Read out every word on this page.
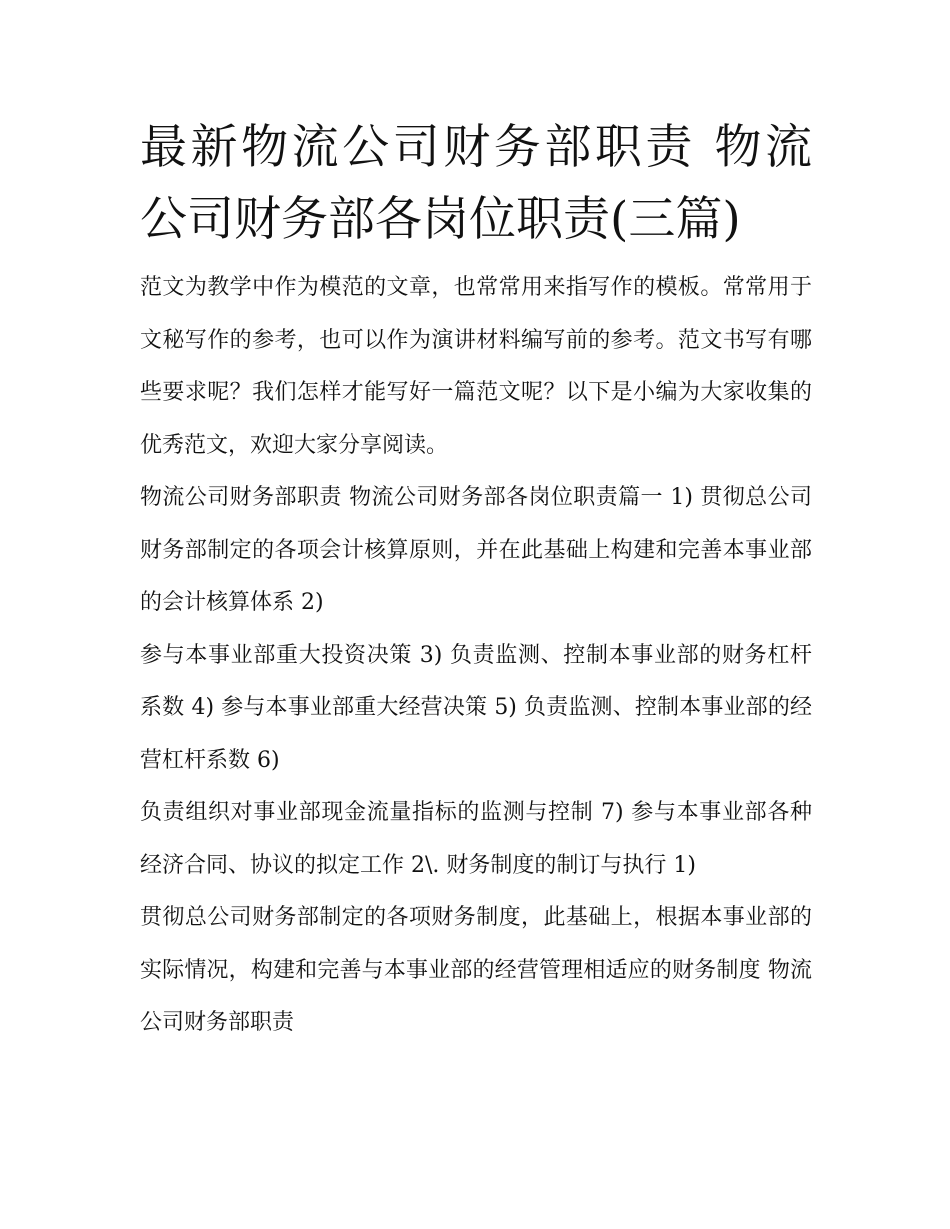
最新物流公司财务部职责 物流公司财务部各岗位职责(三篇)

范文为教学中作为模范的文章，也常常用来指写作的模板。常常用于文秘写作的参考，也可以作为演讲材料编写前的参考。范文书写有哪些要求呢？我们怎样才能写好一篇范文呢？以下是小编为大家收集的优秀范文，欢迎大家分享阅读。

物流公司财务部职责 物流公司财务部各岗位职责篇一 1) 贯彻总公司财务部制定的各项会计核算原则，并在此基础上构建和完善本事业部的会计核算体系 2)

参与本事业部重大投资决策 3) 负责监测、控制本事业部的财务杠杆系数 4) 参与本事业部重大经营决策 5) 负责监测、控制本事业部的经营杠杆系数 6)

负责组织对事业部现金流量指标的监测与控制 7) 参与本事业部各种经济合同、协议的拟定工作 2\. 财务制度的制订与执行 1)

贯彻总公司财务部制定的各项财务制度，此基础上，根据本事业部的实际情况，构建和完善与本事业部的经营管理相适应的财务制度 物流公司财务部职责
